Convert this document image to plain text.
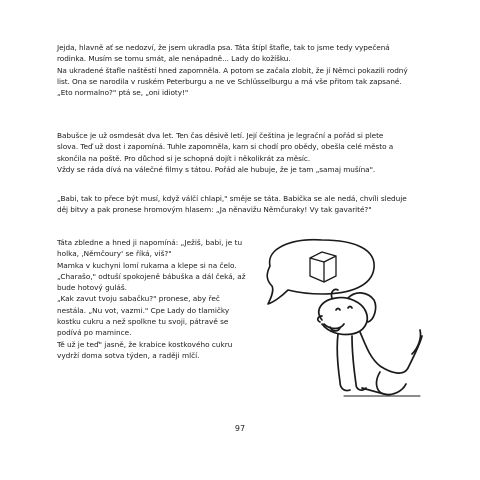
Jejda, hlavně ať se nedozví, že jsem ukradla psa. Táta štípl štafle, tak to jsme tedy vypečená
rodinka. Musím se tomu smát, ale nenápadně... Lady do kožíšku.
Na ukradené štafle naštěstí hned zapomněla. A potom se začala zlobit, že jí Němci pokazili rodný
list. Ona se narodila v ruském Peterburgu a ne ve Schlüsselburgu a má vše přitom tak zapsané.
„Eto normalno?" ptá se, „oni idioty!"
Babušce je už osmdesát dva let. Ten čas děsivě letí. Její čeština je legrační a pořád si plete
slova. Teď už dost i zapomíná. Tuhle zapomněla, kam si chodí pro obědy, obešla celé město a
skončila na poště. Pro důchod si je schopná dojít i několikrát za měsíc.
Vždy se ráda dívá na válečné filmy s tátou. Pořád ale hubuje, že je tam „samaj mušína".
„Babi, tak to přece být musí, když válčí chlapi," směje se táta. Babička se ale nedá, chvíli sleduje
děj bitvy a pak pronese hromovým hlasem: „Ja něnavižu Němčuraky! Vy tak gavarité?"
Táta zbledne a hned ji napomíná: „Ježiš, babi, je tu
holka, ‚Němčoury' se říká, viš?"
Mamka v kuchyni lomí rukama a klepe si na čelo.
„Charašo," odtuší spokojeně bábuška a dál čeká, až
bude hotový guláš.
„Kak zavut tvoju sabačku?" pronese, aby řeč
nestála. „Nu vot, vazmi." Cpe Lady do tlamičky
kostku cukru a než spolkne tu svoji, pátravě se
podívá po mamince.
Tě už je teď" jasně, že krabice kostkového cukru
vydrží doma sotva týden, a raději mlčí.
97
